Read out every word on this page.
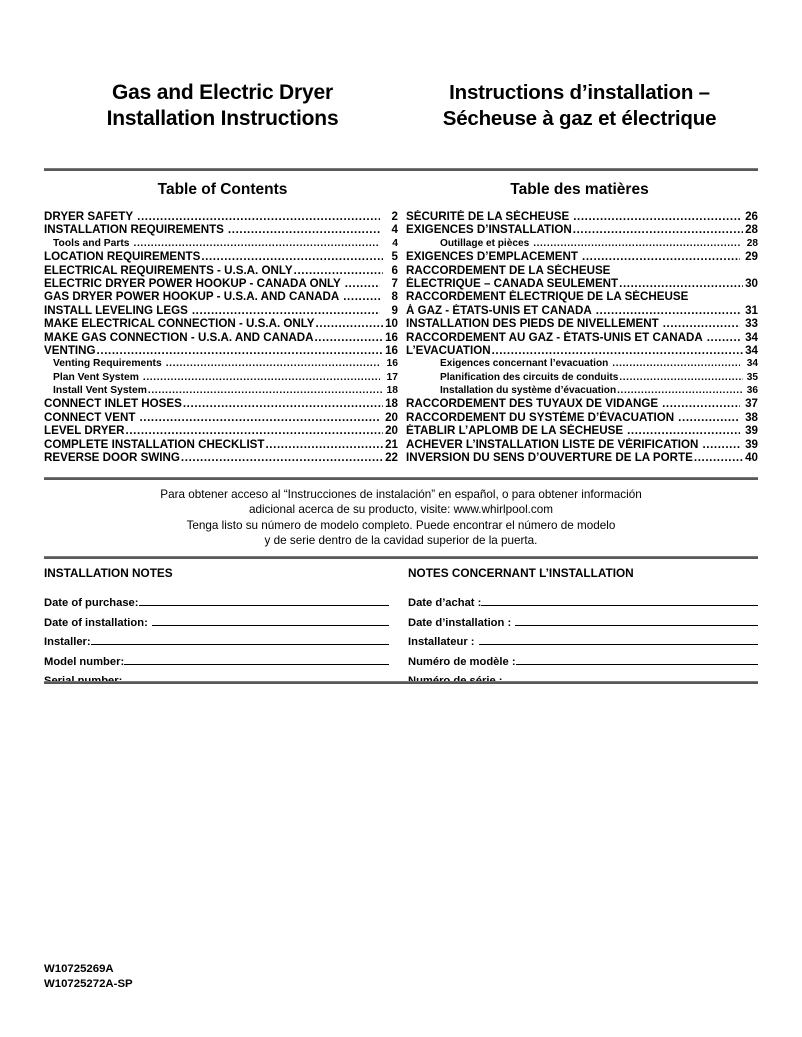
Gas and Electric Dryer
Installation Instructions
Instructions d’installation –
Sécheuse à gaz et électrique
Table of Contents	Table des matières
DRYER SAFETY .....	2
INSTALLATION REQUIREMENTS .....	4
Tools and Parts .....	4
LOCATION REQUIREMENTS .....	5
ELECTRICAL REQUIREMENTS - U.S.A. ONLY .....	6
ELECTRIC DRYER POWER HOOKUP - CANADA ONLY .....	7
GAS DRYER POWER HOOKUP - U.S.A. AND CANADA .....	8
INSTALL LEVELING LEGS .....	9
MAKE ELECTRICAL CONNECTION - U.S.A. ONLY .....	10
MAKE GAS CONNECTION - U.S.A. AND CANADA .....	16
VENTING .....	16
Venting Requirements .....	16
Plan Vent System .....	17
Install Vent System .....	18
CONNECT INLET HOSES .....	18
CONNECT VENT .....	20
LEVEL DRYER .....	20
COMPLETE INSTALLATION CHECKLIST .....	21
REVERSE DOOR SWING .....	22
SÉCURITÉ DE LA SÉCHEUSE .....	26
EXIGENCES D’INSTALLATION .....	28
Outillage et pièces .....	28
EXIGENCES D’EMPLACEMENT .....	29
RACCORDEMENT DE LA SÉCHEUSE
ÉLECTRIQUE – CANADA SEULEMENT .....	30
RACCORDEMENT ÉLECTRIQUE DE LA SÉCHEUSE
À GAZ - ÉTATS-UNIS ET CANADA .....	31
INSTALLATION DES PIEDS DE NIVELLEMENT .....	33
RACCORDEMENT AU GAZ - ÉTATS-UNIS ET CANADA .....	34
L’EVACUATION .....	34
Exigences concernant l’evacuation .....	34
Planification des circuits de conduits .....	35
Installation du système d’évacuation .....	36
RACCORDEMENT DES TUYAUX DE VIDANGE .....	37
RACCORDEMENT DU SYSTÈME D’ÉVACUATION .....	38
ÉTABLIR L’APLOMB DE LA SÉCHEUSE .....	39
ACHEVER L’INSTALLATION LISTE DE VÉRIFICATION .....	39
INVERSION DU SENS D’OUVERTURE DE LA PORTE .....	40
Para obtener acceso al “Instrucciones de instalación” en español, o para obtener información
adicional acerca de su producto, visite: www.whirlpool.com
Tenga listo su número de modelo completo. Puede encontrar el número de modelo
y de serie dentro de la cavidad superior de la puerta.
INSTALLATION NOTES
Date of purchase:
Date of installation:
Installer:
Model number:
NOTES CONCERNANT L’INSTALLATION
Date d’achat :
Date d’installation :
Installateur :
Numéro de modèle :
W10725269A
W10725272A-SP
